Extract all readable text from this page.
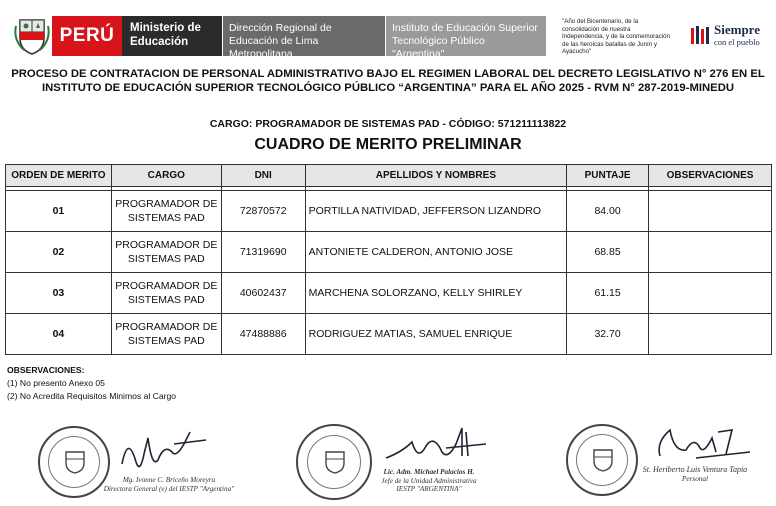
PERÚ	Ministerio de Educación
Dirección Regional de Educación de Lima Metropolitana
Instituto de Educación Superior Tecnológico Público "Argentina"
"Año del Bicentenario, de la consolidación de nuestra Independencia, y de la conmemoración de las heroicas batallas de Junín y Ayacucho"
Siempre
con el pueblo
PROCESO DE CONTRATACION DE PERSONAL ADMINISTRATIVO BAJO EL REGIMEN LABORAL DEL DECRETO LEGISLATIVO N° 276 EN EL INSTITUTO DE EDUCACIÓN SUPERIOR TECNOLÓGICO PÚBLICO “ARGENTINA” PARA EL AÑO 2025 - RVM N° 287-2019-MINEDU
CARGO: PROGRAMADOR DE SISTEMAS PAD - CÓDIGO: 571211113822
CUADRO DE MERITO PRELIMINAR
ORDEN DE MERITO	CARGO	DNI	APELLIDOS Y NOMBRES	PUNTAJE	OBSERVACIONES

01	PROGRAMADOR DE SISTEMAS PAD	72870572	PORTILLA NATIVIDAD, JEFFERSON LIZANDRO	84.00	
02	PROGRAMADOR DE SISTEMAS PAD	71319690	ANTONIETE CALDERON, ANTONIO JOSE	68.85	
03	PROGRAMADOR DE SISTEMAS PAD	40602437	MARCHENA SOLORZANO, KELLY SHIRLEY	61.15	
04	PROGRAMADOR DE SISTEMAS PAD	47488886	RODRIGUEZ MATIAS, SAMUEL ENRIQUE	32.70	
OBSERVACIONES:
(1) No presento Anexo 05
(2) No Acredita Requisitos Minimos al Cargo
Mg. Ivonne C. Briceño Moreyra
Directora General (e) del IESTP "Argentina"
Lic. Adm. Michael Palacios H.
Jefe de la Unidad Administrativa
IESTP "ARGENTINA"
St. Heriberto Luis Ventura Tapia
Personal
